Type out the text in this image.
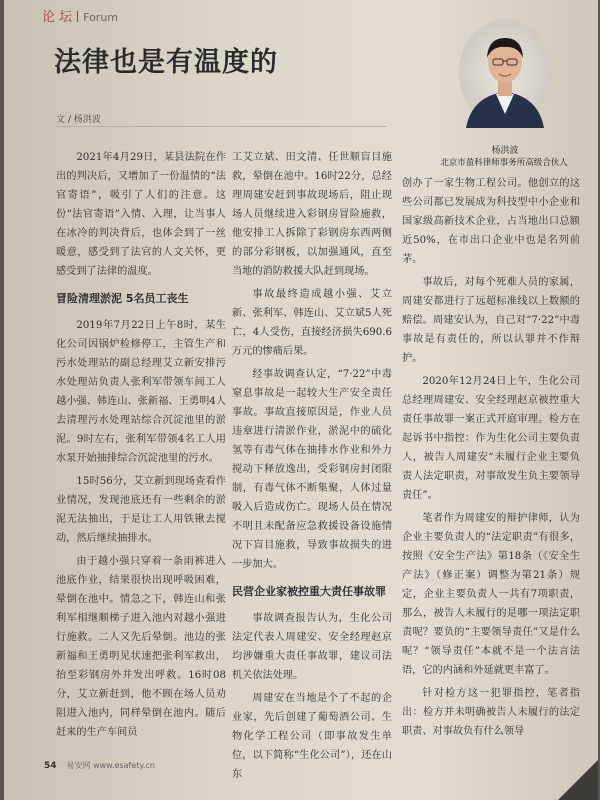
论 坛 Forum
法律也是有温度的
文 / 杨洪波
杨洪波
北京市盈科律师事务所高级合伙人

2021年4月29日，某县法院在作出的判决后，又增加了一份温情的“法官寄语”，吸引了人们的注意。这份“法官寄语”入情、入理，让当事人在冰冷的判决背后，也体会到了一丝暖意，感受到了法官的人文关怀，更感受到了法律的温度。

冒险清理淤泥 5名员工丧生

2019年7月22日上午8时，某生化公司因锅炉检修停工，主管生产和污水处理站的副总经理艾立新安排污水处理站负责人张利军带领车间工人越小强、韩连山、张新福、王勇明4人去清理污水处理站综合沉淀池里的淤泥。9时左右，张利军带领4名工人用水泵开始抽排综合沉淀池里的污水。

15时56分，艾立新到现场查看作业情况，发现池底还有一些剩余的淤泥无法抽出，于是让工人用铁锹去搅动，然后继续抽排水。

由于越小强只穿着一条雨裤进入池底作业，结果很快出现呼吸困难，晕倒在池中。情急之下，韩连山和张利军相继顺梯子进入池内对越小强进行施救。二人又先后晕倒。池边的张新福和王勇明见状速把张利军救出，抬至彩钢房外并发出呼救。16时08分，艾立新赶到，他不顾在场人员劝阻进入池内，同样晕倒在池内。随后赶来的生产车间员

工艾立斌、田文清、任世顺盲目施救，晕倒在池中。16时22分，总经理周建安赶到事故现场后，阻止现场人员继续进入彩钢房冒险施救，他安排工人拆除了彩钢房东西两侧的部分彩钢板，以加强通风，直至当地的消防救援大队赶到现场。

事故最终造成越小强、艾立新、张利军、韩连山、艾立斌5人死亡，4人受伤，直接经济损失690.6万元的惨痛后果。

经事故调查认定，“7·22”中毒窒息事故是一起较大生产安全责任事故。事故直接原因是，作业人员违章进行清淤作业，淤泥中的硫化氢等有毒气体在抽排水作业和外力搅动下释放逸出，受彩钢房封闭限制，有毒气体不断集聚，人体过量吸入后造成伤亡。现场人员在情况不明且未配备应急救援设备设施情况下盲目施救，导致事故损失的进一步加大。

民营企业家被控重大责任事故罪

事故调查报告认为，生化公司法定代表人周建安、安全经理赵京均涉嫌重大责任事故罪，建议司法机关依法处理。

周建安在当地是个了不起的企业家，先后创建了葡萄酒公司、生物化学工程公司（即事故发生单位，以下简称“生化公司”），还在山东

创办了一家生物工程公司。他创立的这些公司都已发展成为科技型中小企业和国家级高新技术企业，占当地出口总额近50%，在市出口企业中也是名列前茅。

事故后，对每个死难人员的家属，周建安都进行了远超标准线以上数额的赔偿。周建安认为，自己对“7·22”中毒事故是有责任的，所以认罪并不作辩护。

2020年12月24日上午，生化公司总经理周建安、安全经理赵京被控重大责任事故罪一案正式开庭审理。检方在起诉书中指控：作为生化公司主要负责人，被告人周建安“未履行企业主要负责人法定职责，对事故发生负主要领导责任”。

笔者作为周建安的辩护律师，认为企业主要负责人的“法定职责”有很多，按照《安全生产法》第18条（《安全生产法》（修正案）调整为第21条）规定，企业主要负责人一共有7项职责，那么，被告人未履行的是哪一项法定职责呢？要负的“主要领导责任”又是什么呢？“领导责任”本就不是一个法言法语，它的内涵和外延就更丰富了。

针对检方这一犯罪指控，笔者指出：检方并未明确被告人未履行的法定职责、对事故负有什么领导

54 易安网 www.esafety.cn
